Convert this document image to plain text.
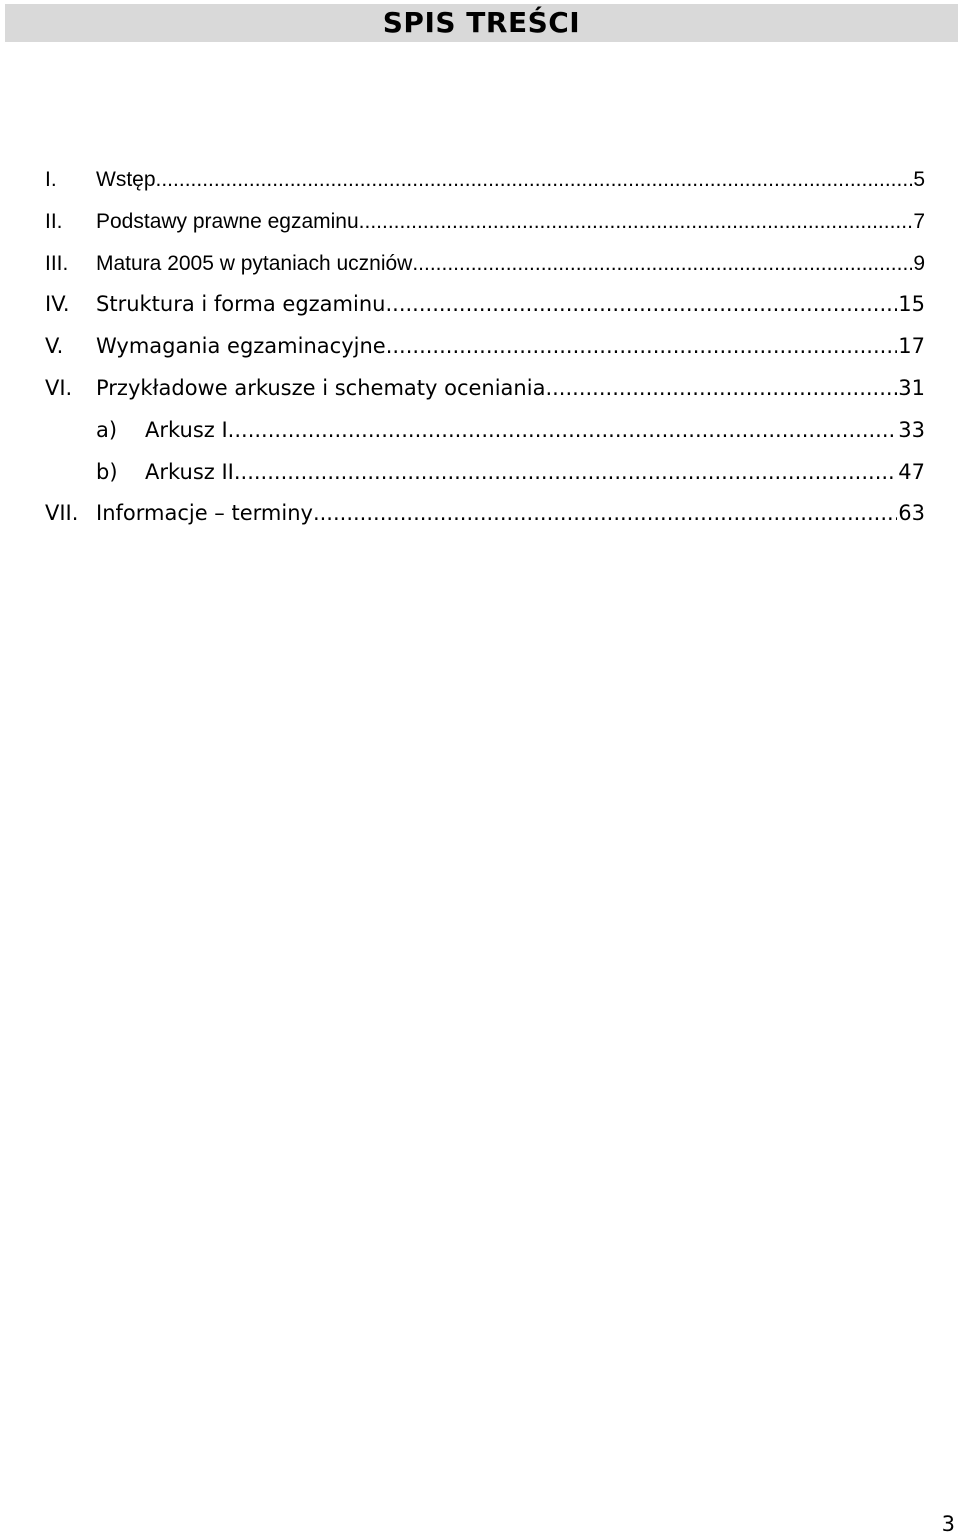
SPIS TREŚCI
I. Wstęp .....	5
II. Podstawy prawne egzaminu .....	7
III. Matura 2005 w pytaniach uczniów .....	9
IV. Struktura i forma egzaminu .....	15
V. Wymagania egzaminacyjne .....	17
VI. Przykładowe arkusze i schematy oceniania .....	31
a) Arkusz I .....	33
b) Arkusz II .....	47
VII. Informacje – terminy .....	63
3
